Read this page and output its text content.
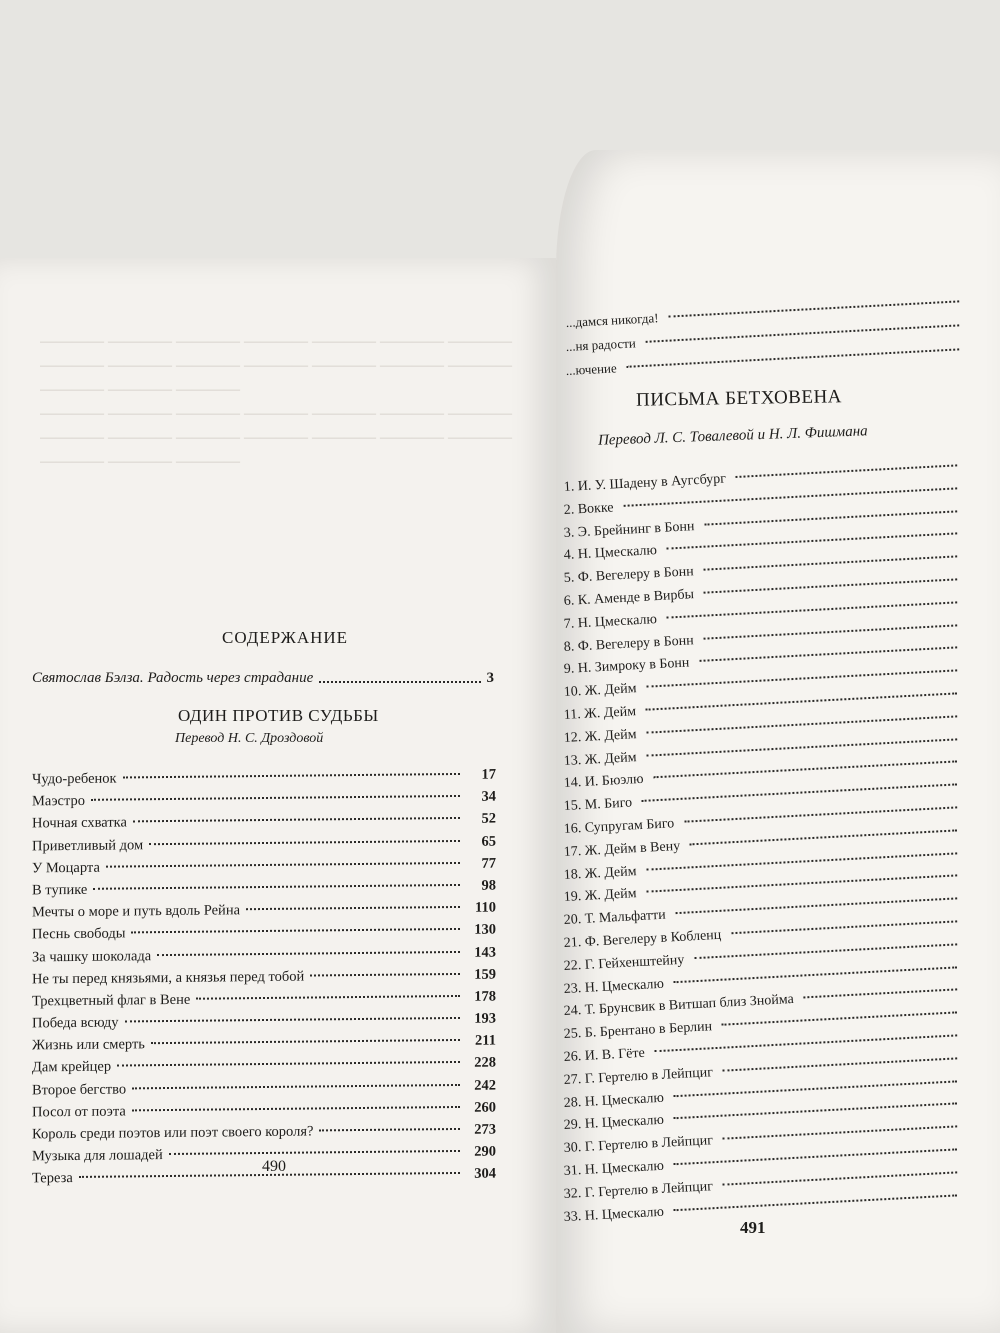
———— ———— ———— ———— ———— ———— ———— ———— ———— ———— ———— ———— ———— ———— ———— ———— ————
———— ———— ———— ———— ———— ———— ———— ———— ———— ———— ———— ———— ———— ———— ———— ———— ————
СОДЕРЖАНИЕ
Святослав Бэлза.
Радость через страдание	3
ОДИН ПРОТИВ СУДЬБЫ
Перевод Н. С. Дроздовой
Чудо-ребенок	17
Маэстро	34
Ночная схватка	52
Приветливый дом	65
У Моцарта	77
В тупике	98
Мечты о море и путь вдоль Рейна	110
Песнь свободы	130
За чашку шоколада	143
Не ты перед князьями, а князья перед тобой	159
Трехцветный флаг в Вене	178
Победа всюду	193
Жизнь или смерть	211
Дам крейцер	228
Второе бегство	242
Посол от поэта	260
Король среди поэтов или поэт своего короля?	273
Музыка для лошадей	290
Тереза	304
490
...дамся никогда!
...ня радости
...ючение
ПИСЬМА БЕТХОВЕНА
Перевод Л. С. Товалевой и Н. Л. Фишмана
1. И. У. Шадену в Аугсбург
2. Вокке
3. Э. Брейнинг в Бонн
4. Н. Цмескалю
5. Ф. Вегелеру в Бонн
6. К. Аменде в Вирбы
7. Н. Цмескалю
8. Ф. Вегелеру в Бонн
9. Н. Зимроку в Бонн
10. Ж. Дейм
11. Ж. Дейм
12. Ж. Дейм
13. Ж. Дейм
14. И. Бюэлю
15. М. Биго
16. Супругам Биго
17. Ж. Дейм в Вену
18. Ж. Дейм
19. Ж. Дейм
20. Т. Мальфатти
21. Ф. Вегелеру в Кобленц
22. Г. Гейхенштейну
23. Н. Цмескалю
24. Т. Брунсвик в Витшап близ Знойма
25. Б. Брентано в Берлин
26. И. В. Гёте
27. Г. Гертелю в Лейпциг
28. Н. Цмескалю
29. Н. Цмескалю
30. Г. Гертелю в Лейпциг
31. Н. Цмескалю
32. Г. Гертелю в Лейпциг
33. Н. Цмескалю
491
